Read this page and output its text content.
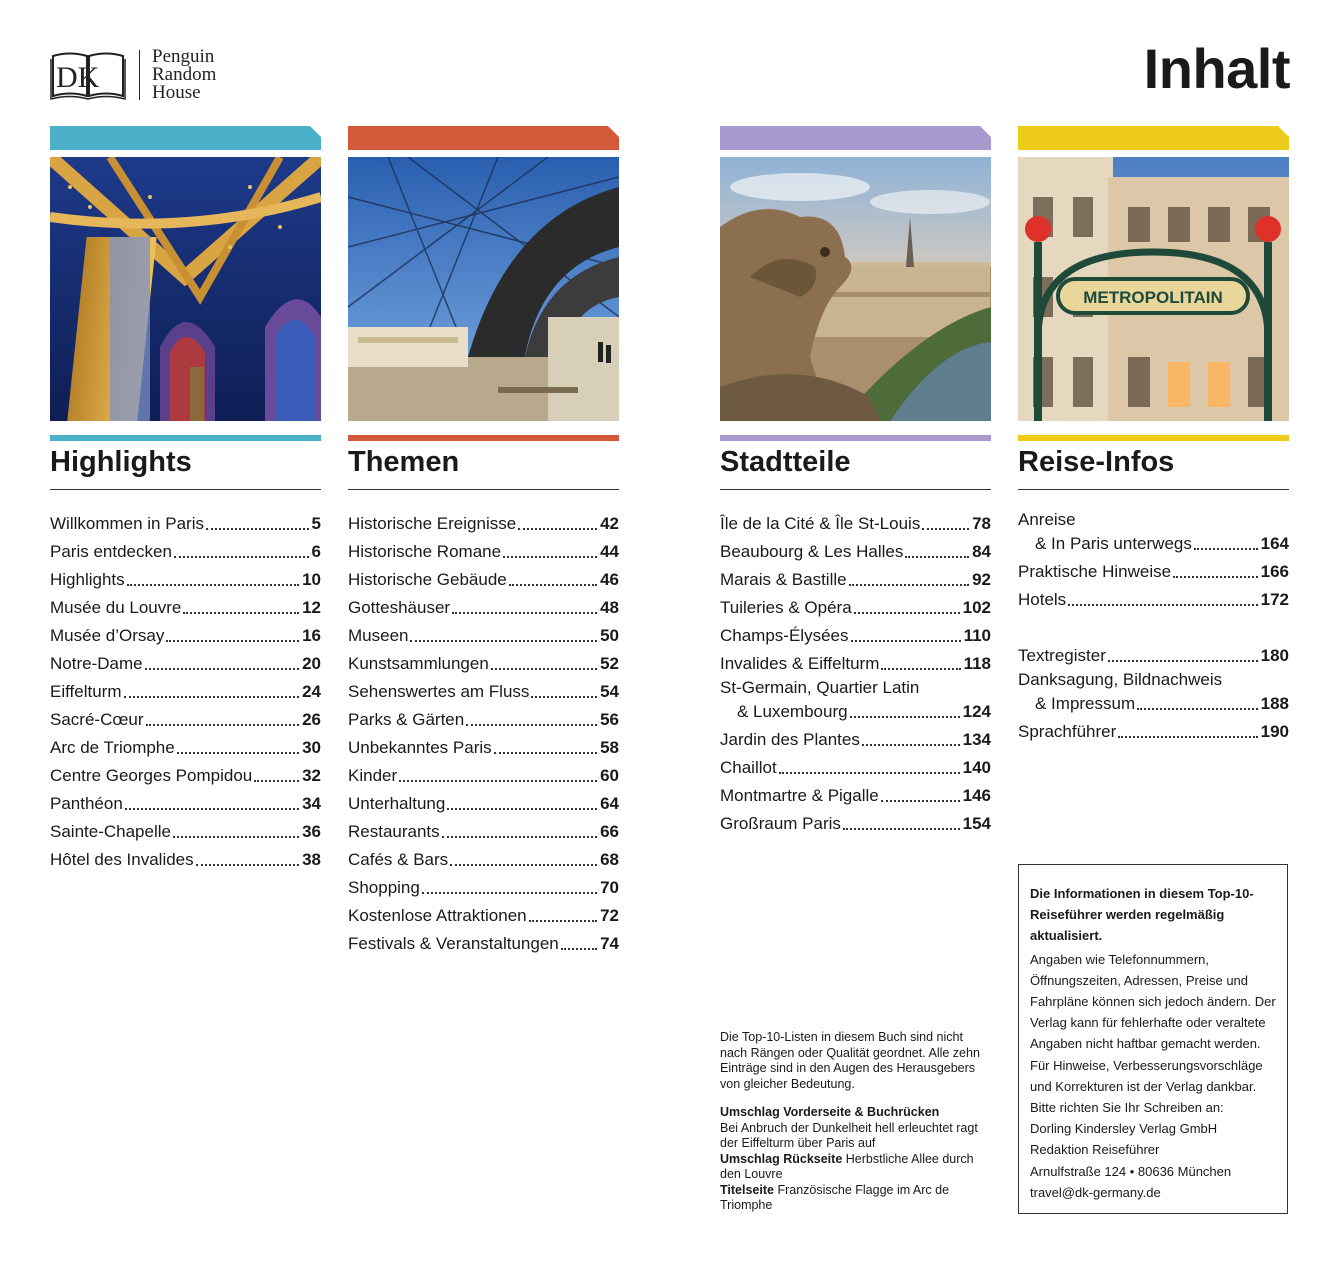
DK
Penguin
Random
House	Inhalt
Highlights
Willkommen in Paris	5
Paris entdecken	6
Highlights	10
Musée du Louvre	12
Musée d’Orsay	16
Notre-Dame	20
Eiffelturm	24
Sacré-Cœur	26
Arc de Triomphe	30
Centre Georges Pompidou	32
Panthéon	34
Sainte-Chapelle	36
Hôtel des Invalides	38
Themen
Historische Ereignisse	42
Historische Romane	44
Historische Gebäude	46
Gotteshäuser	48
Museen	50
Kunstsammlungen	52
Sehenswertes am Fluss	54
Parks & Gärten	56
Unbekanntes Paris	58
Kinder	60
Unterhaltung	64
Restaurants	66
Cafés & Bars	68
Shopping	70
Kostenlose Attraktionen	72
Festivals & Veranstaltungen 74
Stadtteile
Île de la Cité & Île St-Louis	78
Beaubourg & Les Halles	84
Marais & Bastille	92
Tuileries & Opéra	102
Champs-Élysées	110
Invalides & Eiffelturm	118
St-Germain, Quartier Latin
& Luxembourg	124
Jardin des Plantes	134
Chaillot	140
Montmartre & Pigalle	146
Großraum Paris	154
METROPOLITAIN
Reise-Infos
Anreise
& In Paris unterwegs	164
Praktische Hinweise	166
Hotels	172
Textregister	180
Danksagung, Bildnachweis
& Impressum	188
Sprachführer	190

Die Top-10-Listen in diesem Buch sind nicht nach Rängen oder Qualität geordnet. Alle zehn Einträge sind in den Augen des Herausgebers von gleicher Bedeutung.

Umschlag Vorderseite & Buchrücken
Bei Anbruch der Dunkelheit hell erleuchtet ragt der Eiffelturm über Paris auf
Umschlag Rückseite Herbstliche Allee durch den Louvre
Titelseite Französische Flagge im Arc de Triomphe
Die Informationen in diesem Top-10-Reiseführer werden regelmäßig aktualisiert.
Angaben wie Telefonnummern, Öffnungszeiten, Adressen, Preise und Fahrpläne können sich jedoch ändern. Der Verlag kann für fehlerhafte oder veraltete Angaben nicht haftbar gemacht werden. Für Hinweise, Verbesserungsvorschläge und Korrekturen ist der Verlag dankbar.
Bitte richten Sie Ihr Schreiben an:
Dorling Kindersley Verlag GmbH
Redaktion Reiseführer
Arnulfstraße 124 • 80636 München
travel@dk-germany.de
